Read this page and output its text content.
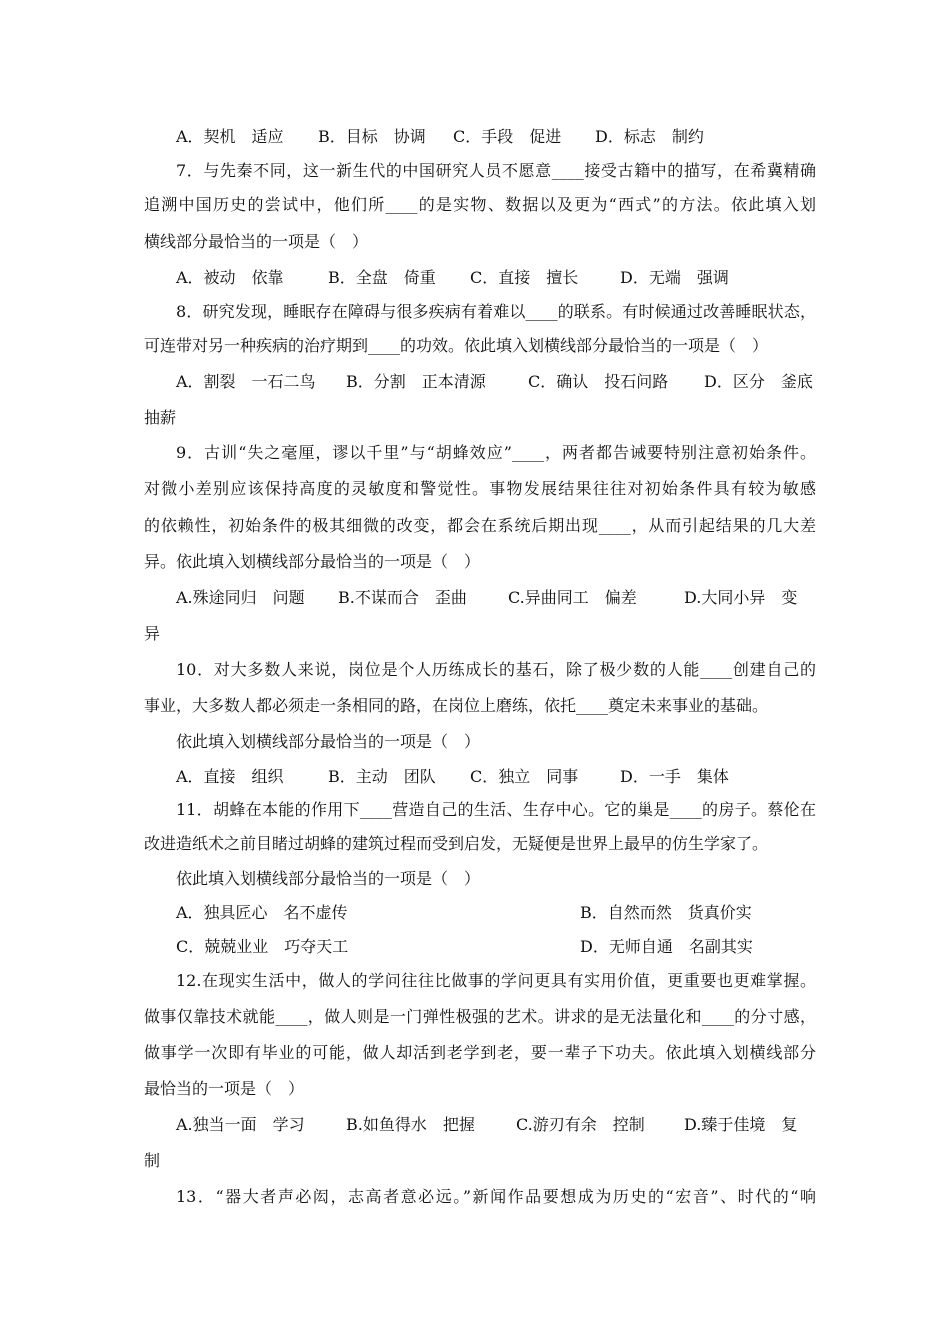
A．契机　适应 B．目标　协调 C．手段　促进 D．标志　制约
7．与先秦不同，这一新生代的中国研究人员不愿意____接受古籍中的描写，在希冀精确
追溯中国历史的尝试中，他们所____的是实物、数据以及更为“西式”的方法。依此填入划
横线部分最恰当的一项是（　）
A．被动　依靠	B．全盘　倚重 C．直接　擅长	D．无端　强调
8．研究发现，睡眠存在障碍与很多疾病有着难以____的联系。有时候通过改善睡眠状态，
可连带对另一种疾病的治疗期到____的功效。依此填入划横线部分最恰当的一项是（　）
A．割裂　一石二鸟 B．分割　正本清源	C．确认　投石问路 D．区分　釜底
抽薪
9．古训“失之毫厘，谬以千里”与“胡蜂效应”____，两者都告诫要特别注意初始条件。
对微小差别应该保持高度的灵敏度和警觉性。事物发展结果往往对初始条件具有较为敏感
的依赖性，初始条件的极其细微的改变，都会在系统后期出现____，从而引起结果的几大差
异。依此填入划横线部分最恰当的一项是（　）
A.殊途同归　问题 B.不谋而合　歪曲	C.异曲同工　偏差	D.大同小异　变
异
10．对大多数人来说，岗位是个人历练成长的基石，除了极少数的人能____创建自己的
事业，大多数人都必须走一条相同的路，在岗位上磨练，依托____奠定未来事业的基础。
依此填入划横线部分最恰当的一项是（　）
A．直接　组织	B．主动　团队 C．独立　同事	D．一手　集体
11．胡蜂在本能的作用下____营造自己的生活、生存中心。它的巢是____的房子。蔡伦在
改进造纸术之前目睹过胡蜂的建筑过程而受到启发，无疑便是世界上最早的仿生学家了。
依此填入划横线部分最恰当的一项是（　）
A．独具匠心　名不虚传	B．自然而然　货真价实
C．兢兢业业　巧夺天工	D．无师自通　名副其实
12.在现实生活中，做人的学问往往比做事的学问更具有实用价值，更重要也更难掌握。
做事仅靠技术就能____，做人则是一门弹性极强的艺术。讲求的是无法量化和____的分寸感，
做事学一次即有毕业的可能，做人却活到老学到老，要一辈子下功夫。依此填入划横线部分
最恰当的一项是（　）
A.独当一面　学习	B.如鱼得水　把握	C.游刃有余　控制 D.臻于佳境　复
制
13．“器大者声必闳，志高者意必远。”新闻作品要想成为历史的“宏音”、时代的“响
